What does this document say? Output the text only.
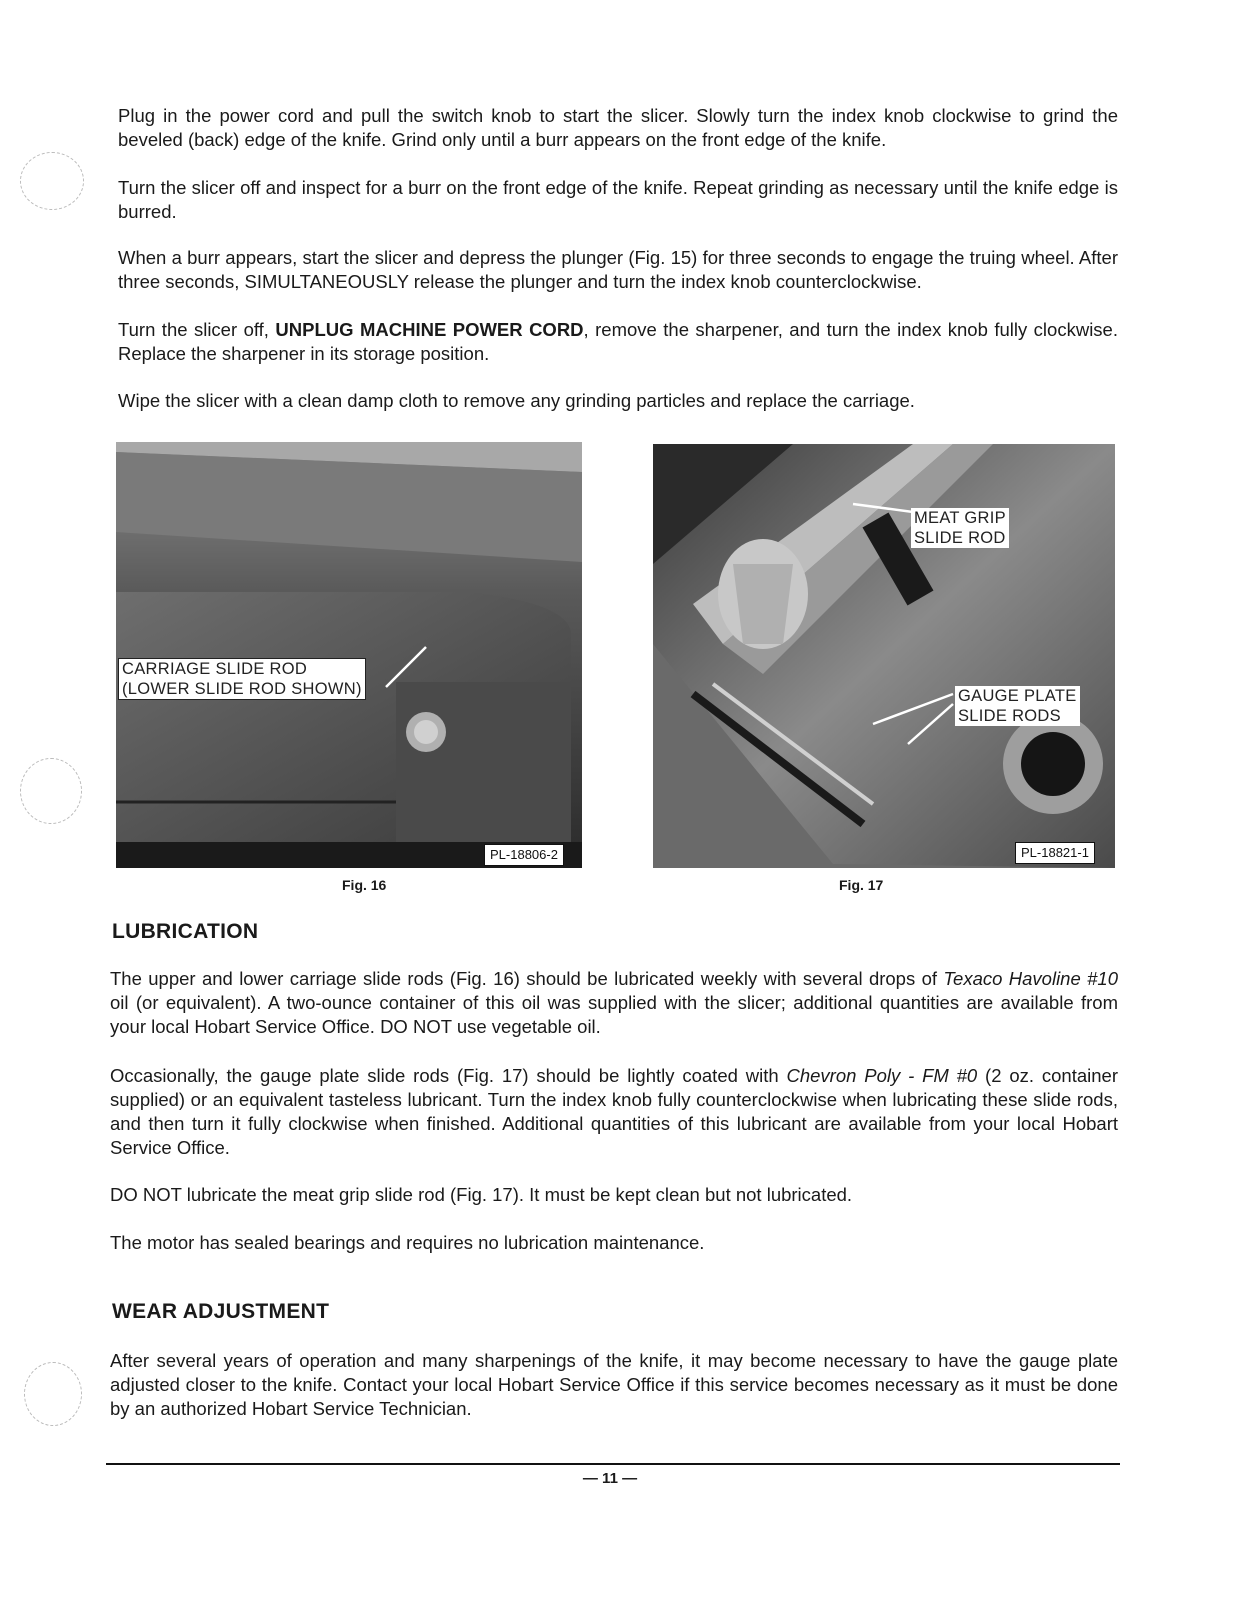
Plug in the power cord and pull the switch knob to start the slicer. Slowly turn the index knob clockwise to grind the beveled (back) edge of the knife. Grind only until a burr appears on the front edge of the knife.

Turn the slicer off and inspect for a burr on the front edge of the knife. Repeat grinding as necessary until the knife edge is burred.

When a burr appears, start the slicer and depress the plunger (Fig. 15) for three seconds to engage the truing wheel. After three seconds, SIMULTANEOUSLY release the plunger and turn the index knob counterclockwise.

Turn the slicer off, UNPLUG MACHINE POWER CORD, remove the sharpener, and turn the index knob fully clockwise. Replace the sharpener in its storage position.

Wipe the slicer with a clean damp cloth to remove any grinding particles and replace the carriage.

CARRIAGE SLIDE ROD
(LOWER SLIDE ROD SHOWN)
PL-18806-2
Fig. 16
MEAT GRIP
SLIDE ROD
GAUGE PLATE
SLIDE RODS
PL-18821-1
Fig. 17
LUBRICATION

The upper and lower carriage slide rods (Fig. 16) should be lubricated weekly with several drops of Texaco Havoline #10 oil (or equivalent). A two-ounce container of this oil was supplied with the slicer; additional quantities are available from your local Hobart Service Office. DO NOT use vegetable oil.

Occasionally, the gauge plate slide rods (Fig. 17) should be lightly coated with Chevron Poly - FM #0 (2 oz. container supplied) or an equivalent tasteless lubricant. Turn the index knob fully counterclockwise when lubricating these slide rods, and then turn it fully clockwise when finished. Additional quantities of this lubricant are available from your local Hobart Service Office.

DO NOT lubricate the meat grip slide rod (Fig. 17). It must be kept clean but not lubricated.

The motor has sealed bearings and requires no lubrication maintenance.

WEAR ADJUSTMENT

After several years of operation and many sharpenings of the knife, it may become necessary to have the gauge plate adjusted closer to the knife. Contact your local Hobart Service Office if this service becomes necessary as it must be done by an authorized Hobart Service Technician.

— 11 —
